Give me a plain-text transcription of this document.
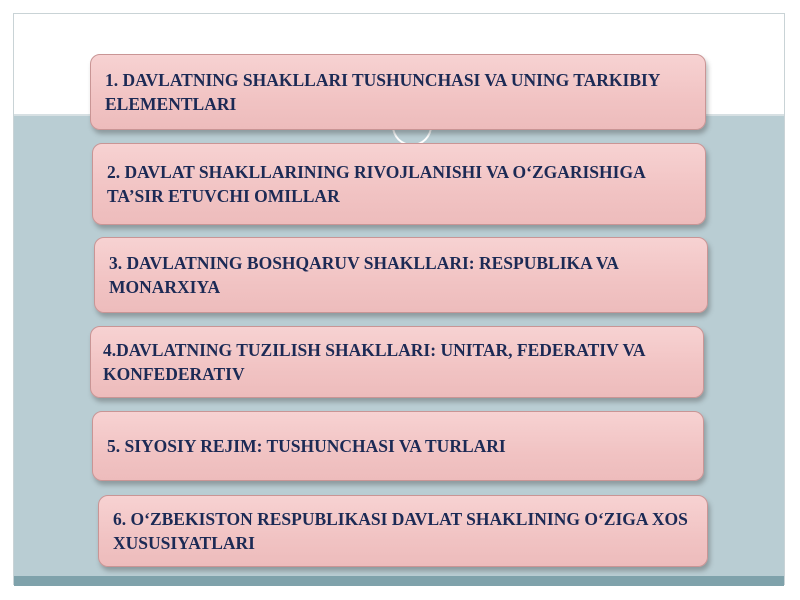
1. DAVLATNING SHAKLLARI TUSHUNCHASI VA UNING TARKIBIY ELEMENTLARI
2. DAVLAT SHAKLLARINING RIVOJLANISHI VA O‘ZGARISHIGA TA’SIR ETUVCHI OMILLAR
3. DAVLATNING BOSHQARUV SHAKLLARI: RESPUBLIKA VA MONARXIYA
4.DAVLATNING TUZILISH SHAKLLARI: UNITAR, FEDERATIV VA KONFEDERATIV
5. SIYOSIY REJIM: TUSHUNCHASI VA TURLARI
6. O‘ZBEKISTON RESPUBLIKASI DAVLAT SHAKLINING O‘ZIGA XOS XUSUSIYATLARI
